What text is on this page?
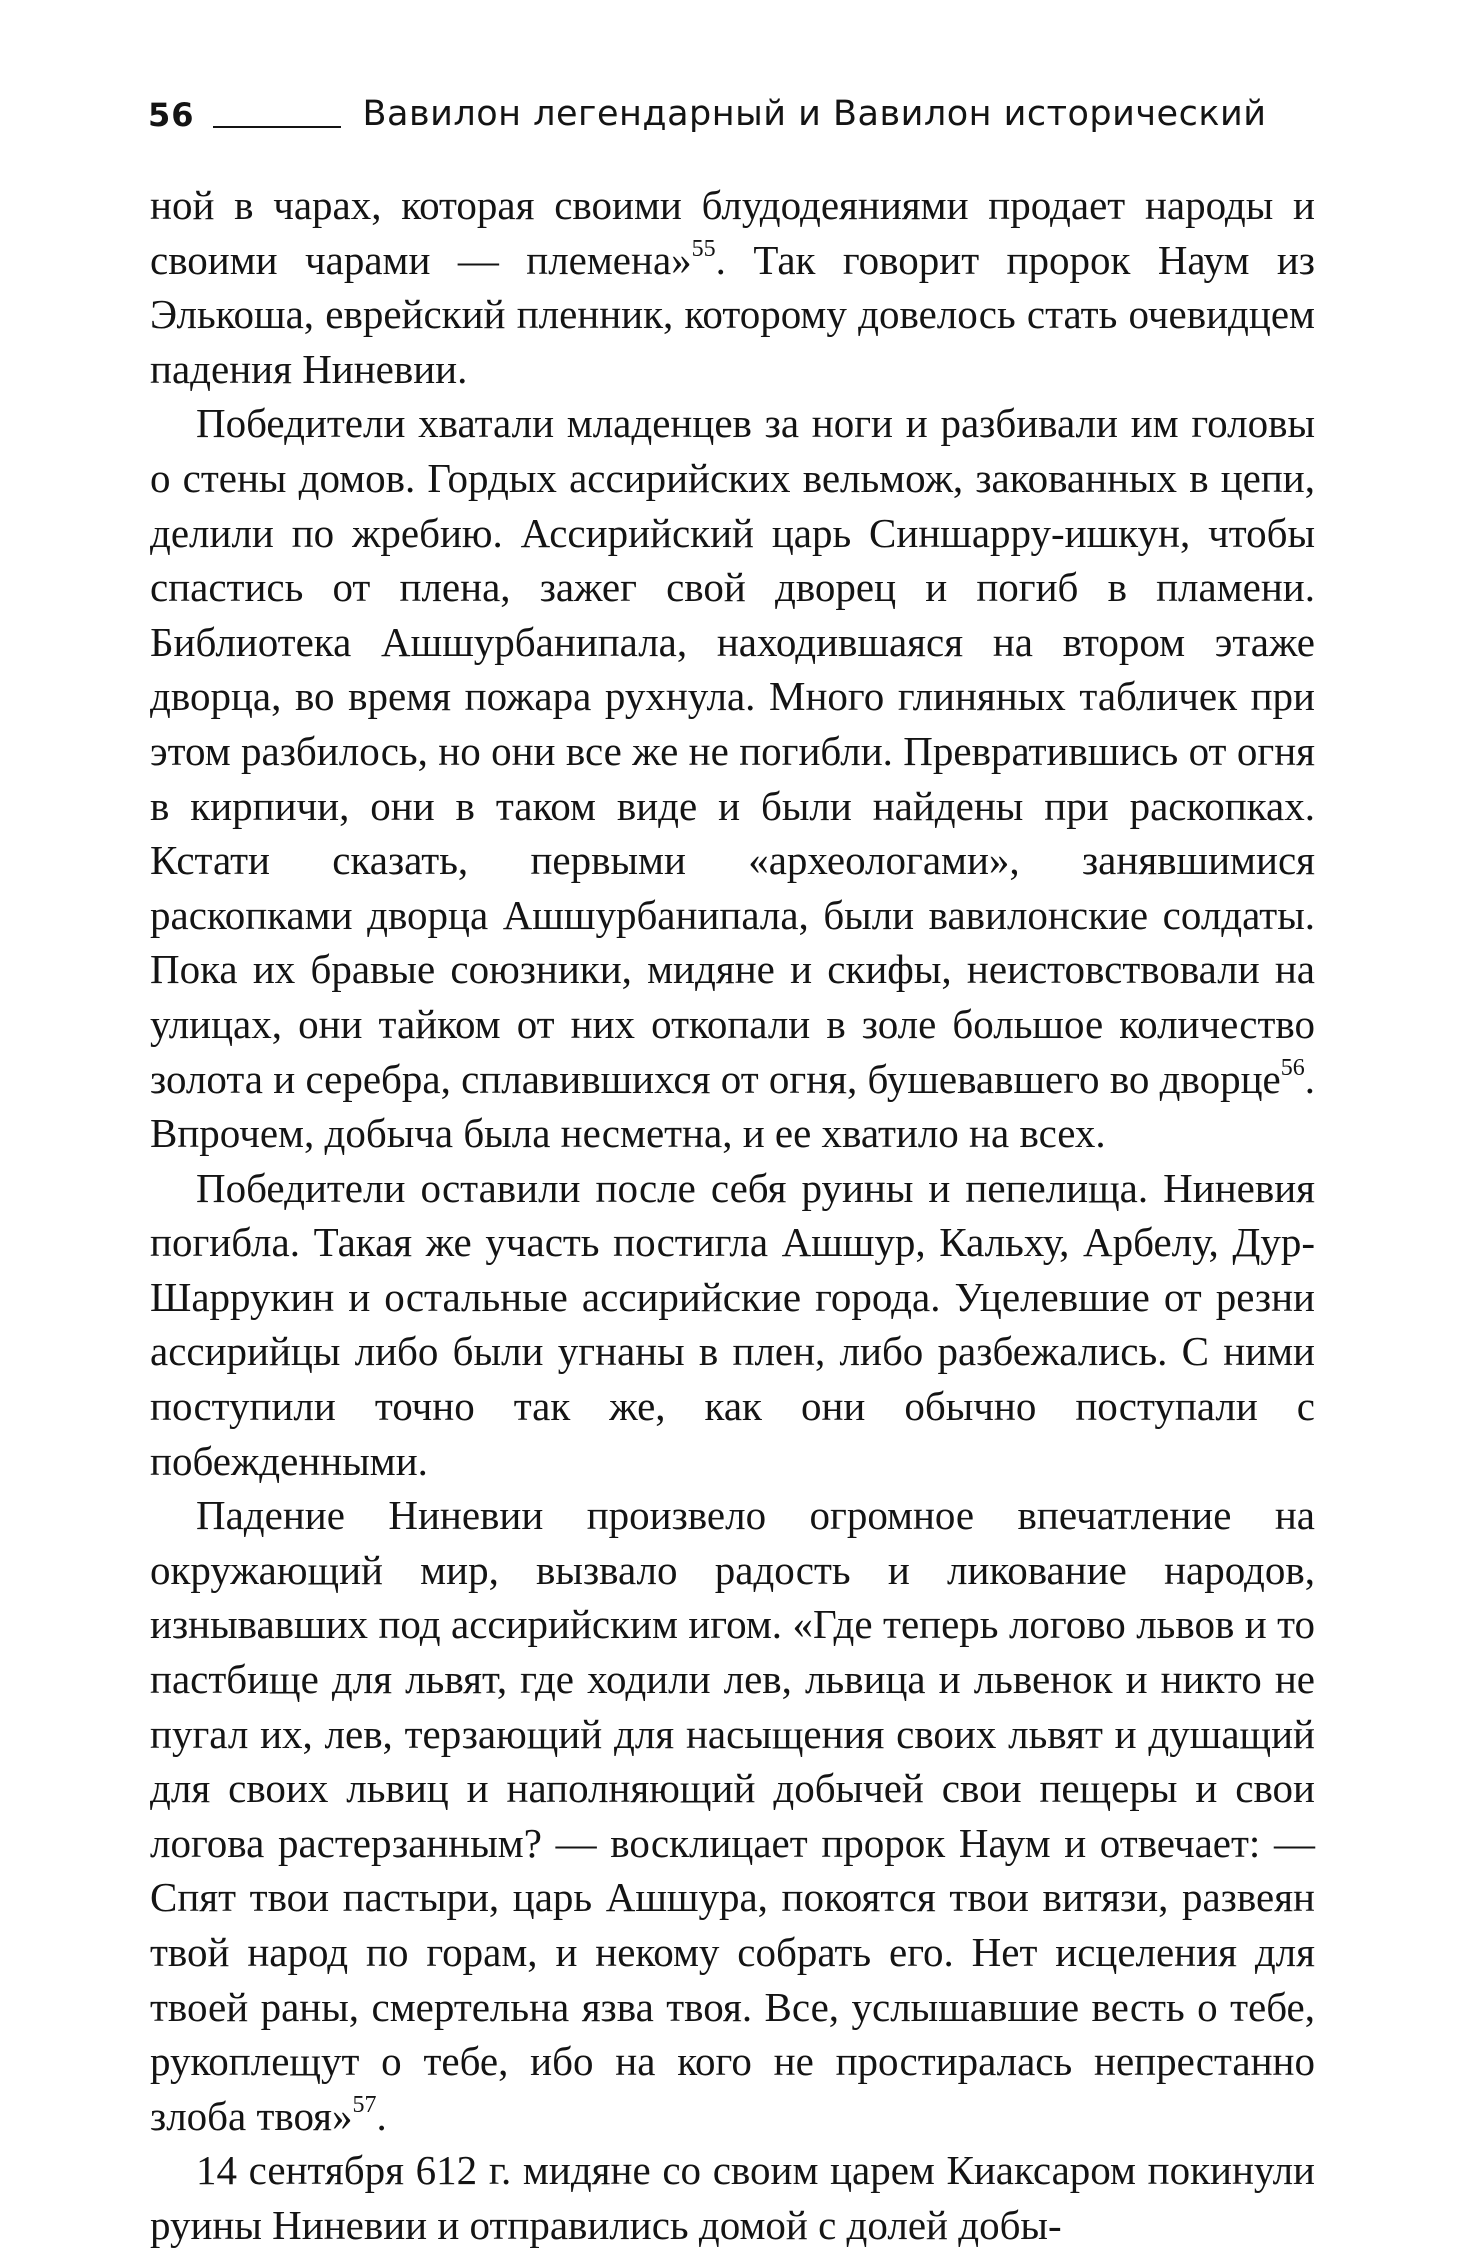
56	Вавилон легендарный и Вавилон исторический

ной в чарах, которая своими блудодеяниями продает народы и своими чарами — племена»$^{55}$. Так говорит пророк Наум из Элькоша, еврейский пленник, которому довелось стать очевидцем падения Ниневии.

Победители хватали младенцев за ноги и разбивали им головы о стены домов. Гордых ассирийских вельмож, закованных в цепи, делили по жребию. Ассирийский царь Синшарру-ишкун, чтобы спастись от плена, зажег свой дворец и погиб в пламени. Библиотека Ашшурбанипала, находившаяся на втором этаже дворца, во время пожара рухнула. Много глиняных табличек при этом разбилось, но они все же не погибли. Превратившись от огня в кирпичи, они в таком виде и были найдены при раскопках. Кстати сказать, первыми «археологами», занявшимися раскопками дворца Ашшурбанипала, были вавилонские солдаты. Пока их бравые союзники, мидяне и скифы, неистовствовали на улицах, они тайком от них откопали в золе большое количество золота и серебра, сплавившихся от огня, бушевавшего во дворце$^{56}$. Впрочем, добыча была несметна, и ее хватило на всех.

Победители оставили после себя руины и пепелища. Ниневия погибла. Такая же участь постигла Ашшур, Кальху, Арбелу, Дур-Шаррукин и остальные ассирийские города. Уцелевшие от резни ассирийцы либо были угнаны в плен, либо разбежались. С ними поступили точно так же, как они обычно поступали с побежденными.

Падение Ниневии произвело огромное впечатление на окружающий мир, вызвало радость и ликование народов, изнывавших под ассирийским игом. «Где теперь логово львов и то пастбище для львят, где ходили лев, львица и львенок и никто не пугал их, лев, терзающий для насыщения своих львят и душащий для своих львиц и наполняющий добычей свои пещеры и свои логова растерзанным? — восклицает пророк Наум и отвечает: — Спят твои пастыри, царь Ашшура, покоятся твои витязи, развеян твой народ по горам, и некому собрать его. Нет исцеления для твоей раны, смертельна язва твоя. Все, услышавшие весть о тебе, рукоплещут о тебе, ибо на кого не простиралась непрестанно злоба твоя»$^{57}$.

14 сентября 612 г. мидяне со своим царем Киаксаром покинули руины Ниневии и отправились домой с долей добы-
